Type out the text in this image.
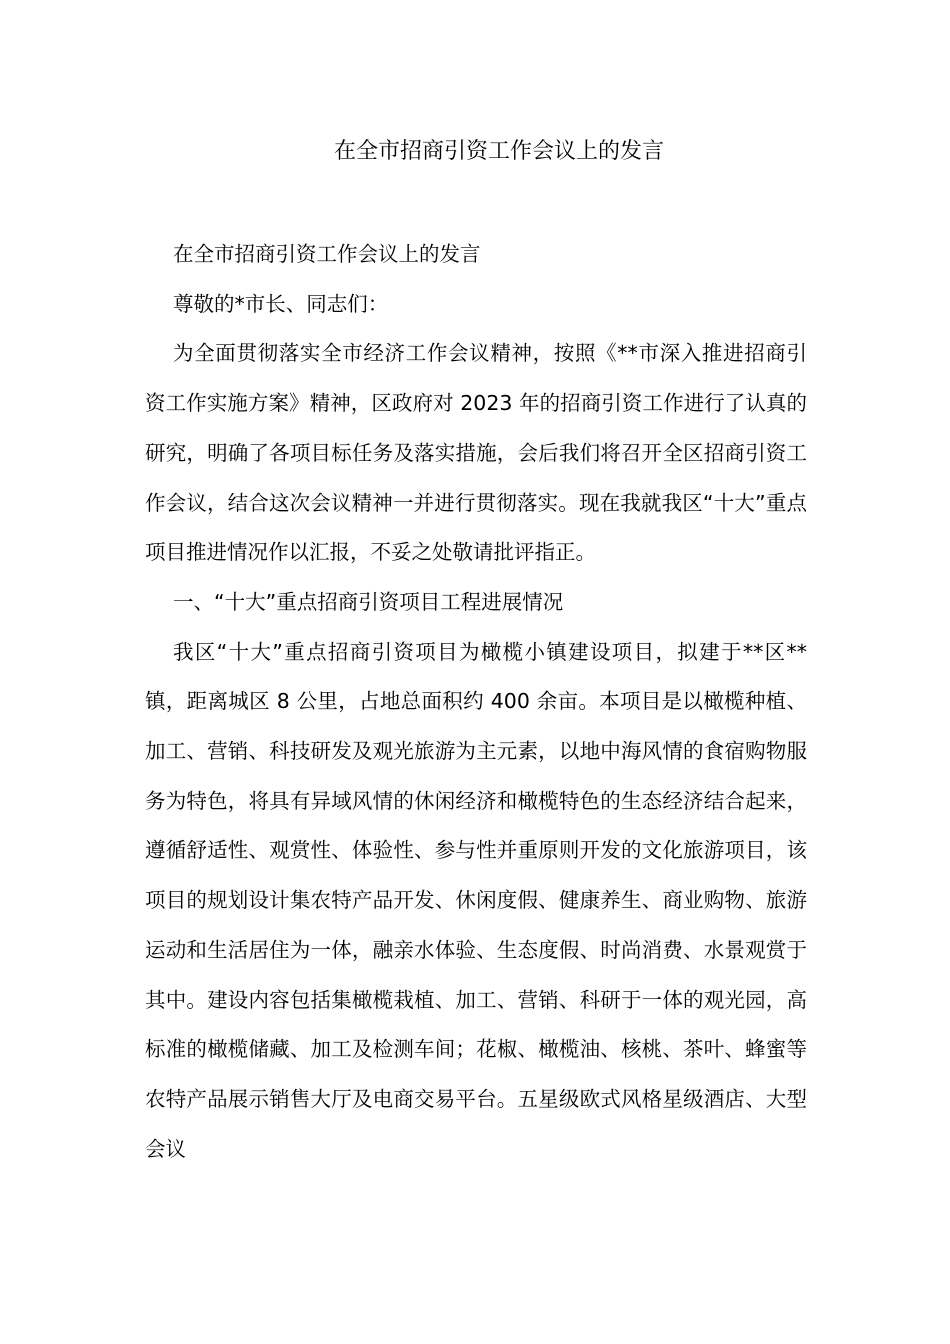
在全市招商引资工作会议上的发言

在全市招商引资工作会议上的发言

尊敬的*市长、同志们：

为全面贯彻落实全市经济工作会议精神，按照《**市深入推进招商引资工作实施方案》精神，区政府对 2023 年的招商引资工作进行了认真的研究，明确了各项目标任务及落实措施，会后我们将召开全区招商引资工作会议，结合这次会议精神一并进行贯彻落实。现在我就我区“十大”重点项目推进情况作以汇报，不妥之处敬请批评指正。

一、“十大”重点招商引资项目工程进展情况

我区“十大”重点招商引资项目为橄榄小镇建设项目，拟建于**区**镇，距离城区 8 公里，占地总面积约 400 余亩。本项目是以橄榄种植、加工、营销、科技研发及观光旅游为主元素，以地中海风情的食宿购物服务为特色，将具有异域风情的休闲经济和橄榄特色的生态经济结合起来，遵循舒适性、观赏性、体验性、参与性并重原则开发的文化旅游项目，该项目的规划设计集农特产品开发、休闲度假、健康养生、商业购物、旅游运动和生活居住为一体，融亲水体验、生态度假、时尚消费、水景观赏于其中。建设内容包括集橄榄栽植、加工、营销、科研于一体的观光园，高标准的橄榄储藏、加工及检测车间；花椒、橄榄油、核桃、茶叶、蜂蜜等农特产品展示销售大厅及电商交易平台。五星级欧式风格星级酒店、大型会议
